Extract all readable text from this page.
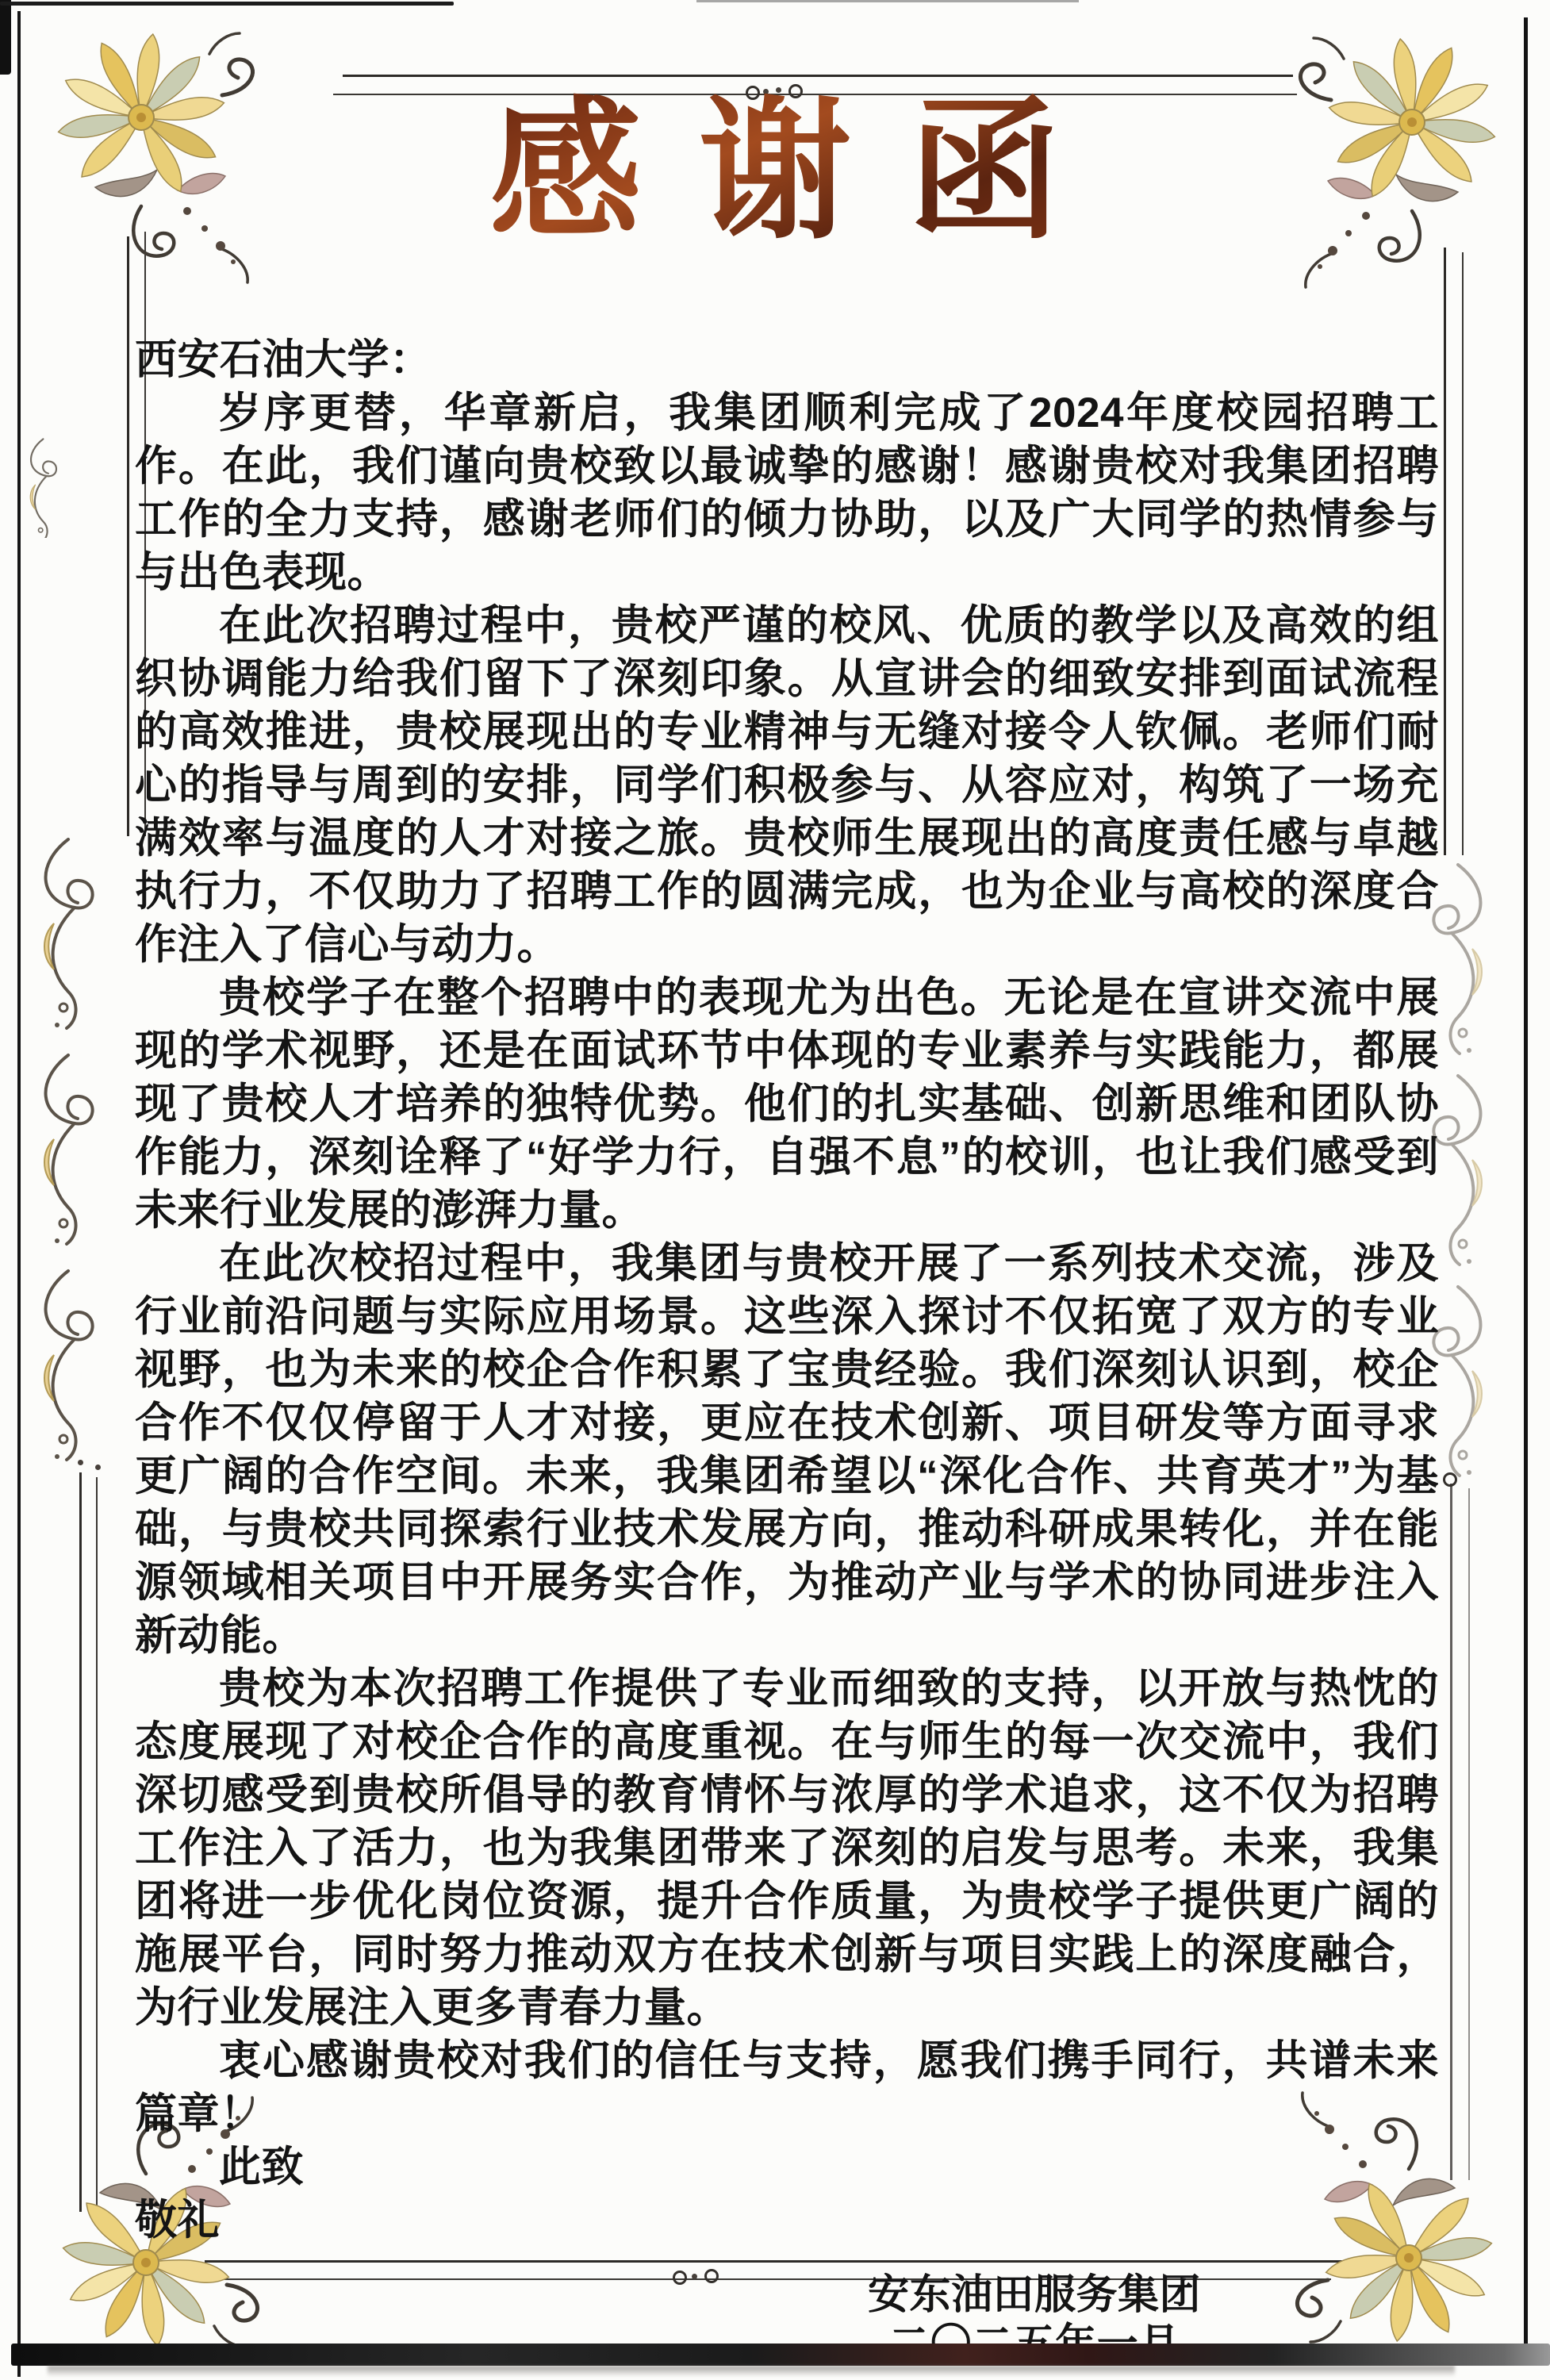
感谢函

西安石油大学：

岁序更替，华章新启，我集团顺利完成了2024年度校园招聘工作。在此，我们谨向贵校致以最诚挚的感谢！感谢贵校对我集团招聘工作的全力支持，感谢老师们的倾力协助，以及广大同学的热情参与与出色表现。

在此次招聘过程中，贵校严谨的校风、优质的教学以及高效的组织协调能力给我们留下了深刻印象。从宣讲会的细致安排到面试流程的高效推进，贵校展现出的专业精神与无缝对接令人钦佩。老师们耐心的指导与周到的安排，同学们积极参与、从容应对，构筑了一场充满效率与温度的人才对接之旅。贵校师生展现出的高度责任感与卓越执行力，不仅助力了招聘工作的圆满完成，也为企业与高校的深度合作注入了信心与动力。

贵校学子在整个招聘中的表现尤为出色。无论是在宣讲交流中展现的学术视野，还是在面试环节中体现的专业素养与实践能力，都展现了贵校人才培养的独特优势。他们的扎实基础、创新思维和团队协作能力，深刻诠释了“好学力行，自强不息”的校训，也让我们感受到未来行业发展的澎湃力量。

在此次校招过程中，我集团与贵校开展了一系列技术交流，涉及行业前沿问题与实际应用场景。这些深入探讨不仅拓宽了双方的专业视野，也为未来的校企合作积累了宝贵经验。我们深刻认识到，校企合作不仅仅停留于人才对接，更应在技术创新、项目研发等方面寻求更广阔的合作空间。未来，我集团希望以“深化合作、共育英才”为基础，与贵校共同探索行业技术发展方向，推动科研成果转化，并在能源领域相关项目中开展务实合作，为推动产业与学术的协同进步注入新动能。

贵校为本次招聘工作提供了专业而细致的支持，以开放与热忱的态度展现了对校企合作的高度重视。在与师生的每一次交流中，我们深切感受到贵校所倡导的教育情怀与浓厚的学术追求，这不仅为招聘工作注入了活力，也为我集团带来了深刻的启发与思考。未来，我集团将进一步优化岗位资源，提升合作质量，为贵校学子提供更广阔的施展平台，同时努力推动双方在技术创新与项目实践上的深度融合，为行业发展注入更多青春力量。

衷心感谢贵校对我们的信任与支持，愿我们携手同行，共谱未来篇章！

此致

敬礼

安东油田服务集团
